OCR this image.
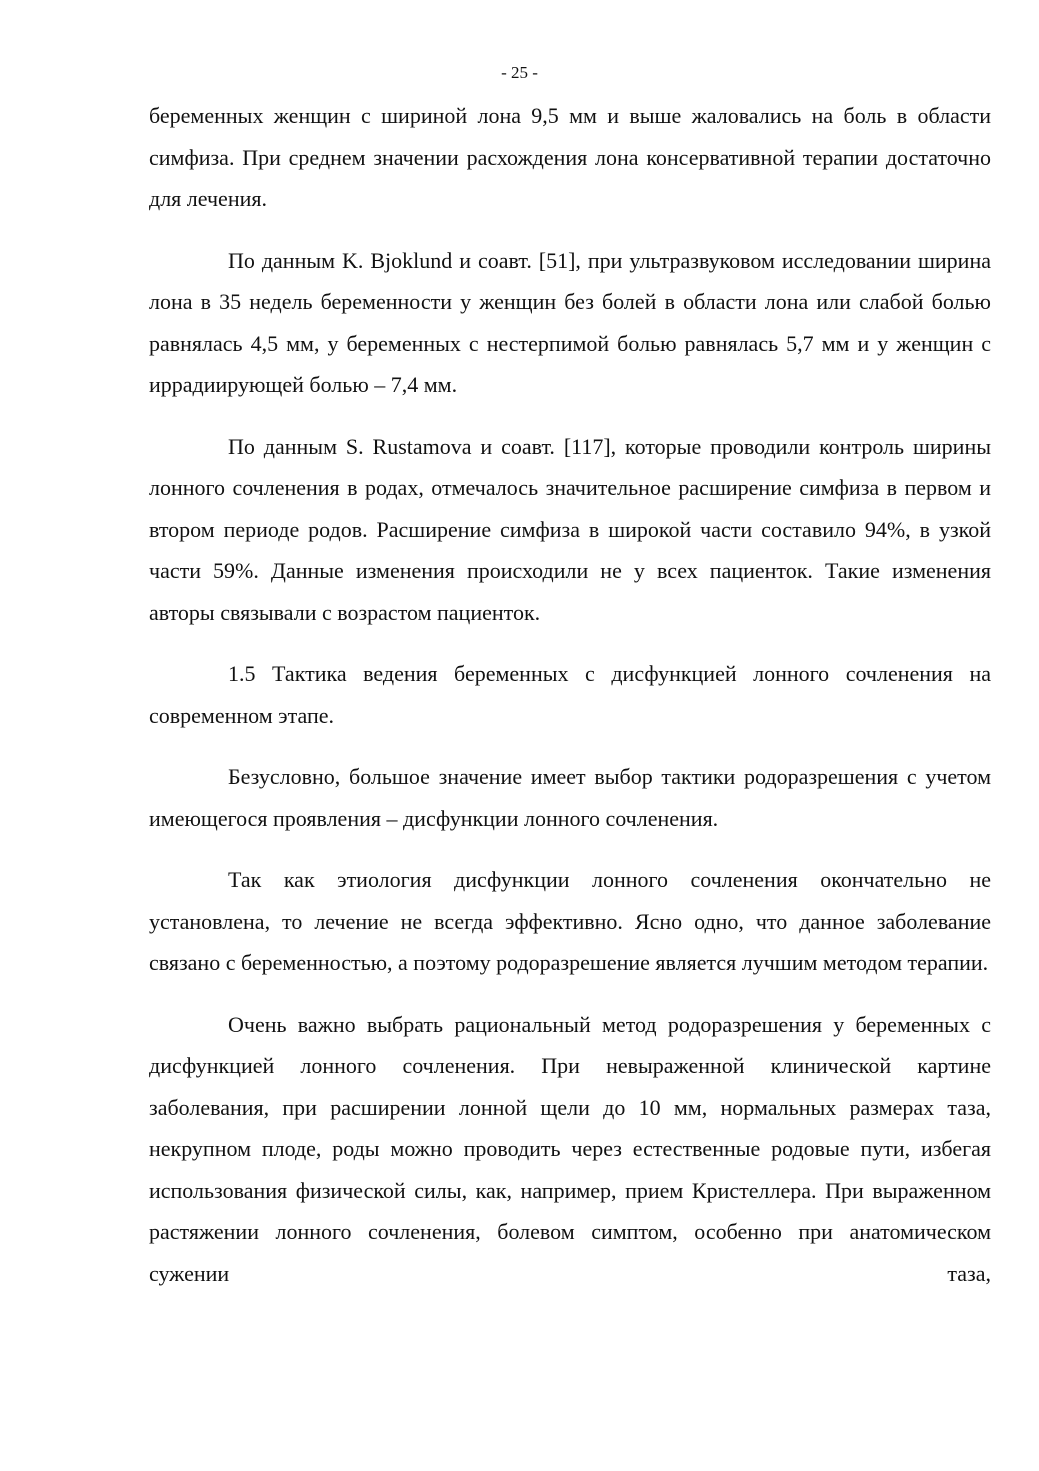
- 25 -

беременных женщин с шириной лона 9,5 мм и выше жаловались на боль в области симфиза. При среднем значении расхождения лона консервативной терапии достаточно для лечения.

По данным K. Bjoklund и соавт. [51], при ультразвуковом исследовании ширина лона в 35 недель беременности у женщин без болей в области лона или слабой болью равнялась 4,5 мм, у беременных с нестерпимой болью равнялась 5,7 мм и у женщин с иррадиирующей болью – 7,4 мм.

По данным S. Rustamova и соавт. [117], которые проводили контроль ширины лонного сочленения в родах, отмечалось значительное расширение симфиза в первом и втором периоде родов. Расширение симфиза в широкой части составило 94%, в узкой части 59%. Данные изменения происходили не у всех пациенток. Такие изменения авторы связывали с возрастом пациенток.

1.5 Тактика ведения беременных с дисфункцией лонного сочленения на современном этапе.

Безусловно, большое значение имеет выбор тактики родоразрешения с учетом имеющегося проявления – дисфункции лонного сочленения.

Так как этиология дисфункции лонного сочленения окончательно не установлена, то лечение не всегда эффективно. Ясно одно, что данное заболевание связано с беременностью, а поэтому родоразрешение является лучшим методом терапии.

Очень важно выбрать рациональный метод родоразрешения у беременных с дисфункцией лонного сочленения. При невыраженной клинической картине заболевания, при расширении лонной щели до 10 мм, нормальных размерах таза, некрупном плоде, роды можно проводить через естественные родовые пути, избегая использования физической силы, как, например, прием Кристеллера. При выраженном растяжении лонного сочленения, болевом симптом, особенно при анатомическом сужении таза,
